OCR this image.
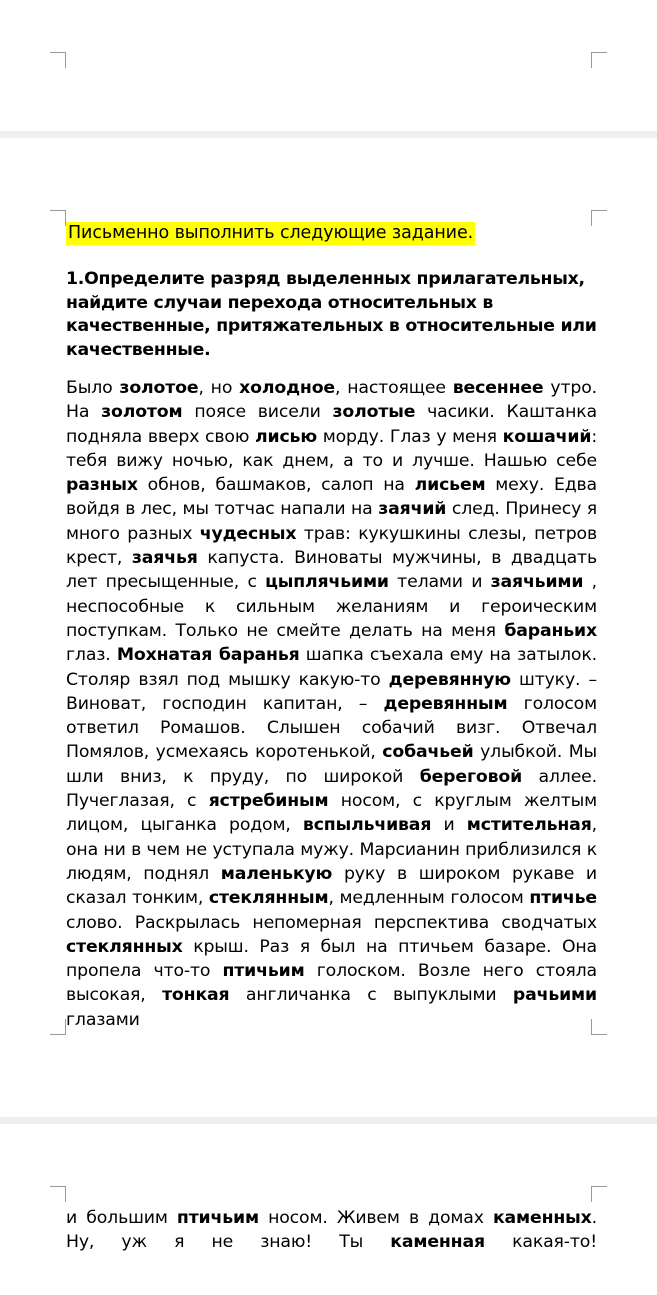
Письменно выполнить следующие задание.
1.Определите разряд выделенных прилагательных, найдите случаи перехода относительных в качественные, притяжательных в относительные или качественные.
Было золотое, но холодное, настоящее весеннее утро. На золотом поясе висели золотые часики. Каштанка подняла вверх свою лисью морду. Глаз у меня кошачий: тебя вижу ночью, как днем, а то и лучше. Нашью себе разных обнов, башмаков, салоп на лисьем меху. Едва войдя в лес, мы тотчас напали на заячий след. Принесу я много разных чудесных трав: кукушкины слезы, петров крест, заячья капуста. Виноваты мужчины, в двадцать лет пресыщенные, с цыплячьими телами и заячьими , неспособные к сильным желаниям и героическим поступкам. Только не смейте делать на меня бараньих глаз. Мохнатая баранья шапка съехала ему на затылок. Столяр взял под мышку какую-то деревянную штуку. – Виноват, господин капитан, – деревянным голосом ответил Ромашов. Слышен собачий визг. Отвечал Помялов, усмехаясь коротенькой, собачьей улыбкой. Мы шли вниз, к пруду, по широкой береговой аллее. Пучеглазая, с ястребиным носом, с круглым желтым лицом, цыганка родом, вспыльчивая и мстительная, она ни в чем не уступала мужу. Марсианин приблизился к людям, поднял маленькую руку в широком рукаве и сказал тонким, стеклянным, медленным голосом птичье слово. Раскрылась непомерная перспектива сводчатых стеклянных крыш. Раз я был на птичьем базаре. Она пропела что-то птичьим голоском. Возле него стояла высокая, тонкая англичанка с выпуклыми рачьими глазами
и большим птичьим носом. Живем в домах каменных. Ну, уж я не знаю! Ты каменная какая-то!
